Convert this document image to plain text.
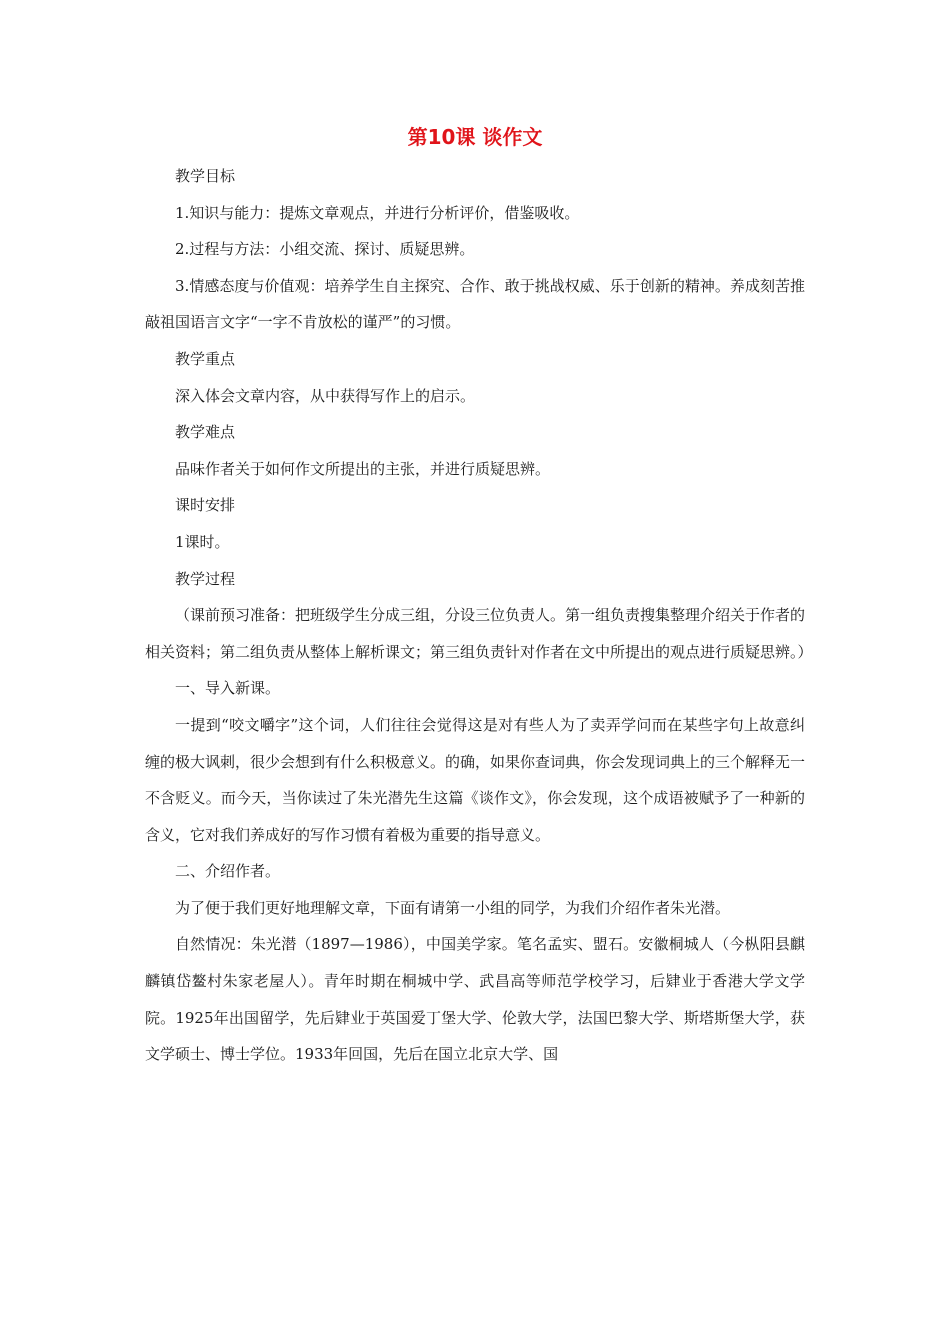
第10课 谈作文

教学目标

1.知识与能力：提炼文章观点，并进行分析评价，借鉴吸收。

2.过程与方法：小组交流、探讨、质疑思辨。

3.情感态度与价值观：培养学生自主探究、合作、敢于挑战权威、乐于创新的精神。养成刻苦推敲祖国语言文字“一字不肯放松的谨严”的习惯。

教学重点

深入体会文章内容，从中获得写作上的启示。

教学难点

品味作者关于如何作文所提出的主张，并进行质疑思辨。

课时安排

1课时。

教学过程

（课前预习准备：把班级学生分成三组，分设三位负责人。第一组负责搜集整理介绍关于作者的相关资料；第二组负责从整体上解析课文；第三组负责针对作者在文中所提出的观点进行质疑思辨。）

一、导入新课。

一提到“咬文嚼字”这个词，人们往往会觉得这是对有些人为了卖弄学问而在某些字句上故意纠缠的极大讽刺，很少会想到有什么积极意义。的确，如果你查词典，你会发现词典上的三个解释无一不含贬义。而今天，当你读过了朱光潜先生这篇《谈作文》，你会发现，这个成语被赋予了一种新的含义，它对我们养成好的写作习惯有着极为重要的指导意义。

二、介绍作者。

为了便于我们更好地理解文章，下面有请第一小组的同学，为我们介绍作者朱光潜。

自然情况：朱光潜（1897—1986），中国美学家。笔名孟实、盟石。安徽桐城人（今枞阳县麒麟镇岱鳌村朱家老屋人）。青年时期在桐城中学、武昌高等师范学校学习，后肄业于香港大学文学院。1925年出国留学，先后肄业于英国爱丁堡大学、伦敦大学，法国巴黎大学、斯塔斯堡大学，获文学硕士、博士学位。1933年回国，先后在国立北京大学、国
